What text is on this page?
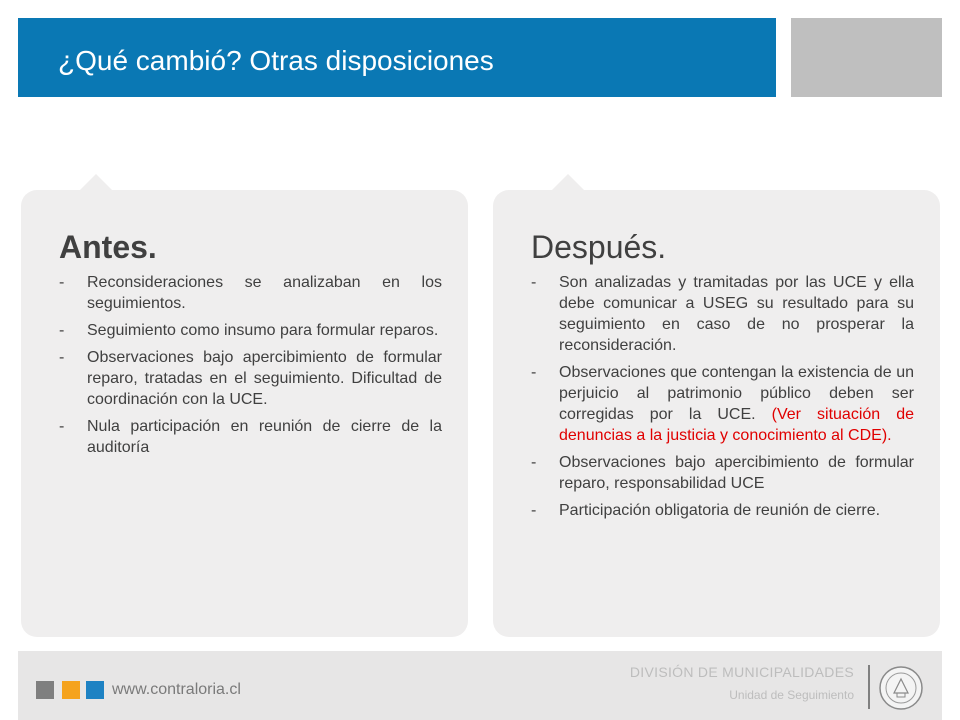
¿Qué cambió? Otras disposiciones
Antes.
- Reconsideraciones se analizaban en los seguimientos.
- Seguimiento como insumo para formular reparos.
- Observaciones bajo apercibimiento de formular reparo, tratadas en el seguimiento. Dificultad de coordinación con la UCE.
- Nula participación en reunión de cierre de la auditoría
Después.
- Son analizadas y tramitadas por las UCE y ella debe comunicar a USEG su resultado para su seguimiento en caso de no prosperar la reconsideración.
- Observaciones que contengan la existencia de un perjuicio al patrimonio público deben ser corregidas por la UCE. (Ver situación de denuncias a la justicia y conocimiento al CDE).
- Observaciones bajo apercibimiento de formular reparo, responsabilidad UCE
- Participación obligatoria de reunión de cierre.
www.contraloria.cl
DIVISIÓN DE MUNICIPALIDADES
Unidad de Seguimiento
